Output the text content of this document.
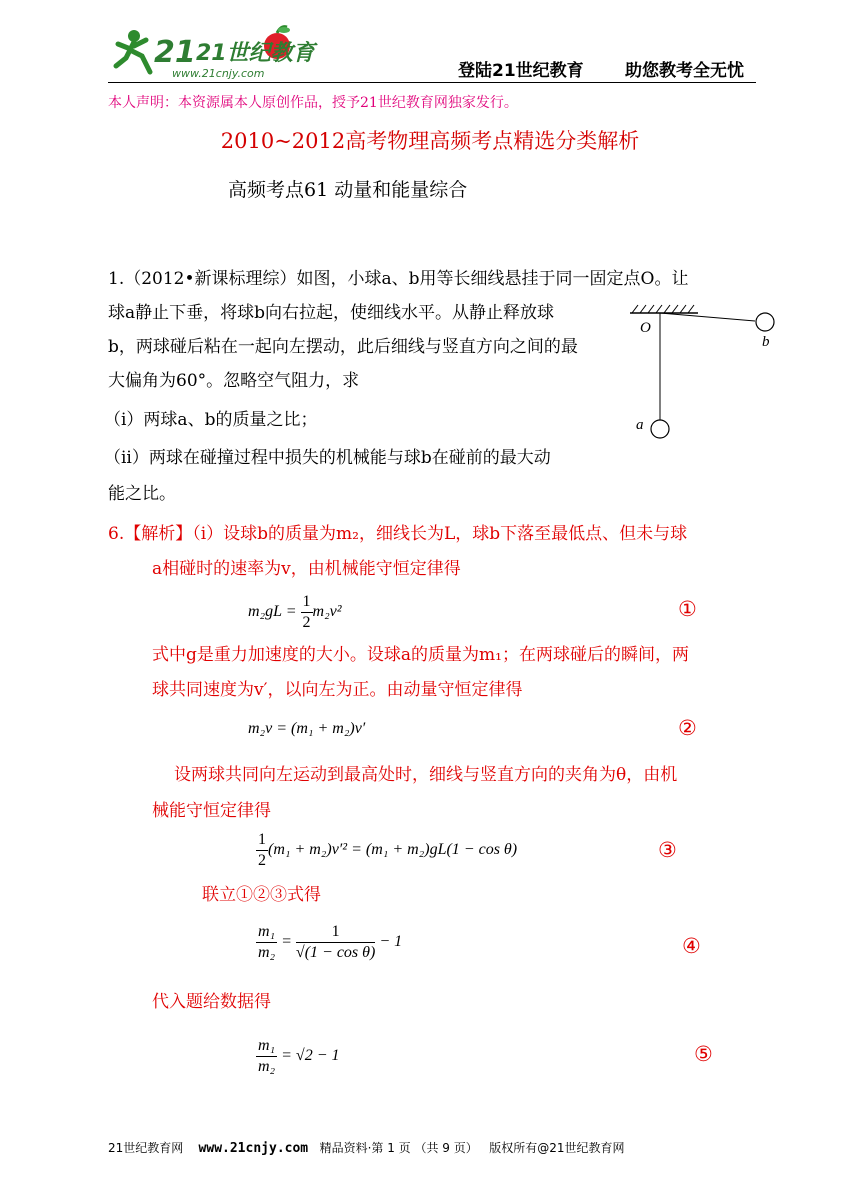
21 21世纪教育
www.21cnjy.com	登陆21世纪教育 助您教考全无忧
本人声明：本资源属本人原创作品，授予21世纪教育网独家发行。
2010~2012高考物理高频考点精选分类解析
高频考点61 动量和能量综合
1.（2012•新课标理综）如图，小球a、b用等长细线悬挂于同一固定点O。让
球a静止下垂，将球b向右拉起，使细线水平。从静止释放球
b，两球碰后粘在一起向左摆动，此后细线与竖直方向之间的最
大偏角为60°。忽略空气阻力，求
（i）两球a、b的质量之比；
（ii）两球在碰撞过程中损失的机械能与球b在碰前的最大动
能之比。
O
b
a
6.【解析】（i）设球b的质量为m₂，细线长为L，球b下落至最低点、但未与球
a相碰时的速率为v，由机械能守恒定律得
$m_2gL = \frac{1}{2} m_2v^2$	①
式中g是重力加速度的大小。设球a的质量为m₁；在两球碰后的瞬间，两
球共同速度为v′，以向左为正。由动量守恒定律得
m₂v = (m₁ + m₂)v′	②
设两球共同向左运动到最高处时，细线与竖直方向的夹角为θ，由机
械能守恒定律得
$\frac{1}{2} (m_1 + m_2)v'^2 = (m_1 + m_2)gL(1 - \cos \theta)$	③
联立①②③式得
$\frac{\text{m₁}}{\text{m₂}} = \frac{1}{\text{√(1 − cos θ)}} - 1$	④
代入题给数据得
$\frac{\text{m₁}}{\text{m₂}} = √2 - 1$	⑤
21世纪教育网 www.21cnjy.com 精品资料·第 1 页 （共 9 页） 版权所有@21世纪教育网
